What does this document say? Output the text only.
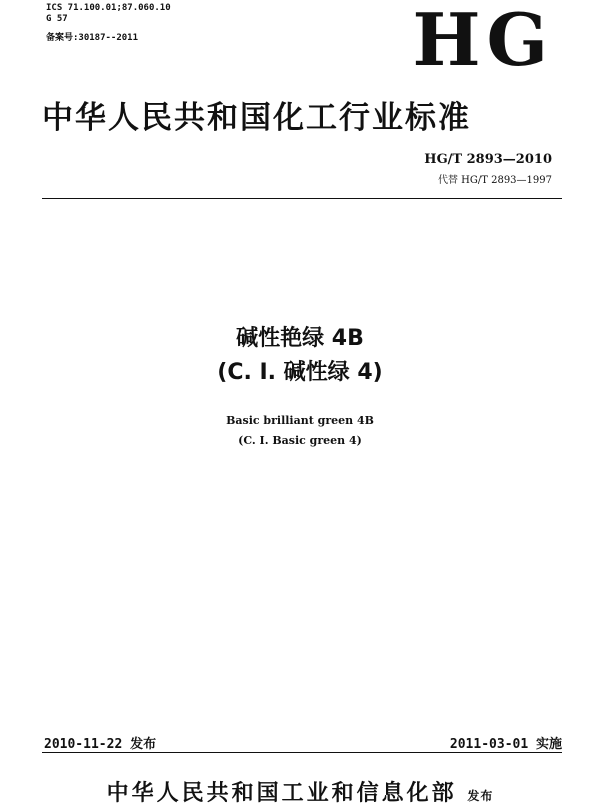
ICS 71.100.01;87.060.10
G 57
备案号:30187--2011	HG
中华人民共和国化工行业标准
HG/T 2893—2010
代替 HG/T 2893—1997
碱性艳绿 4B
(C. I. 碱性绿 4)
Basic brilliant green 4B
(C. I. Basic green 4)
2010-11-22 发布	2011-03-01 实施
中华人民共和国工业和信息化部 发布
